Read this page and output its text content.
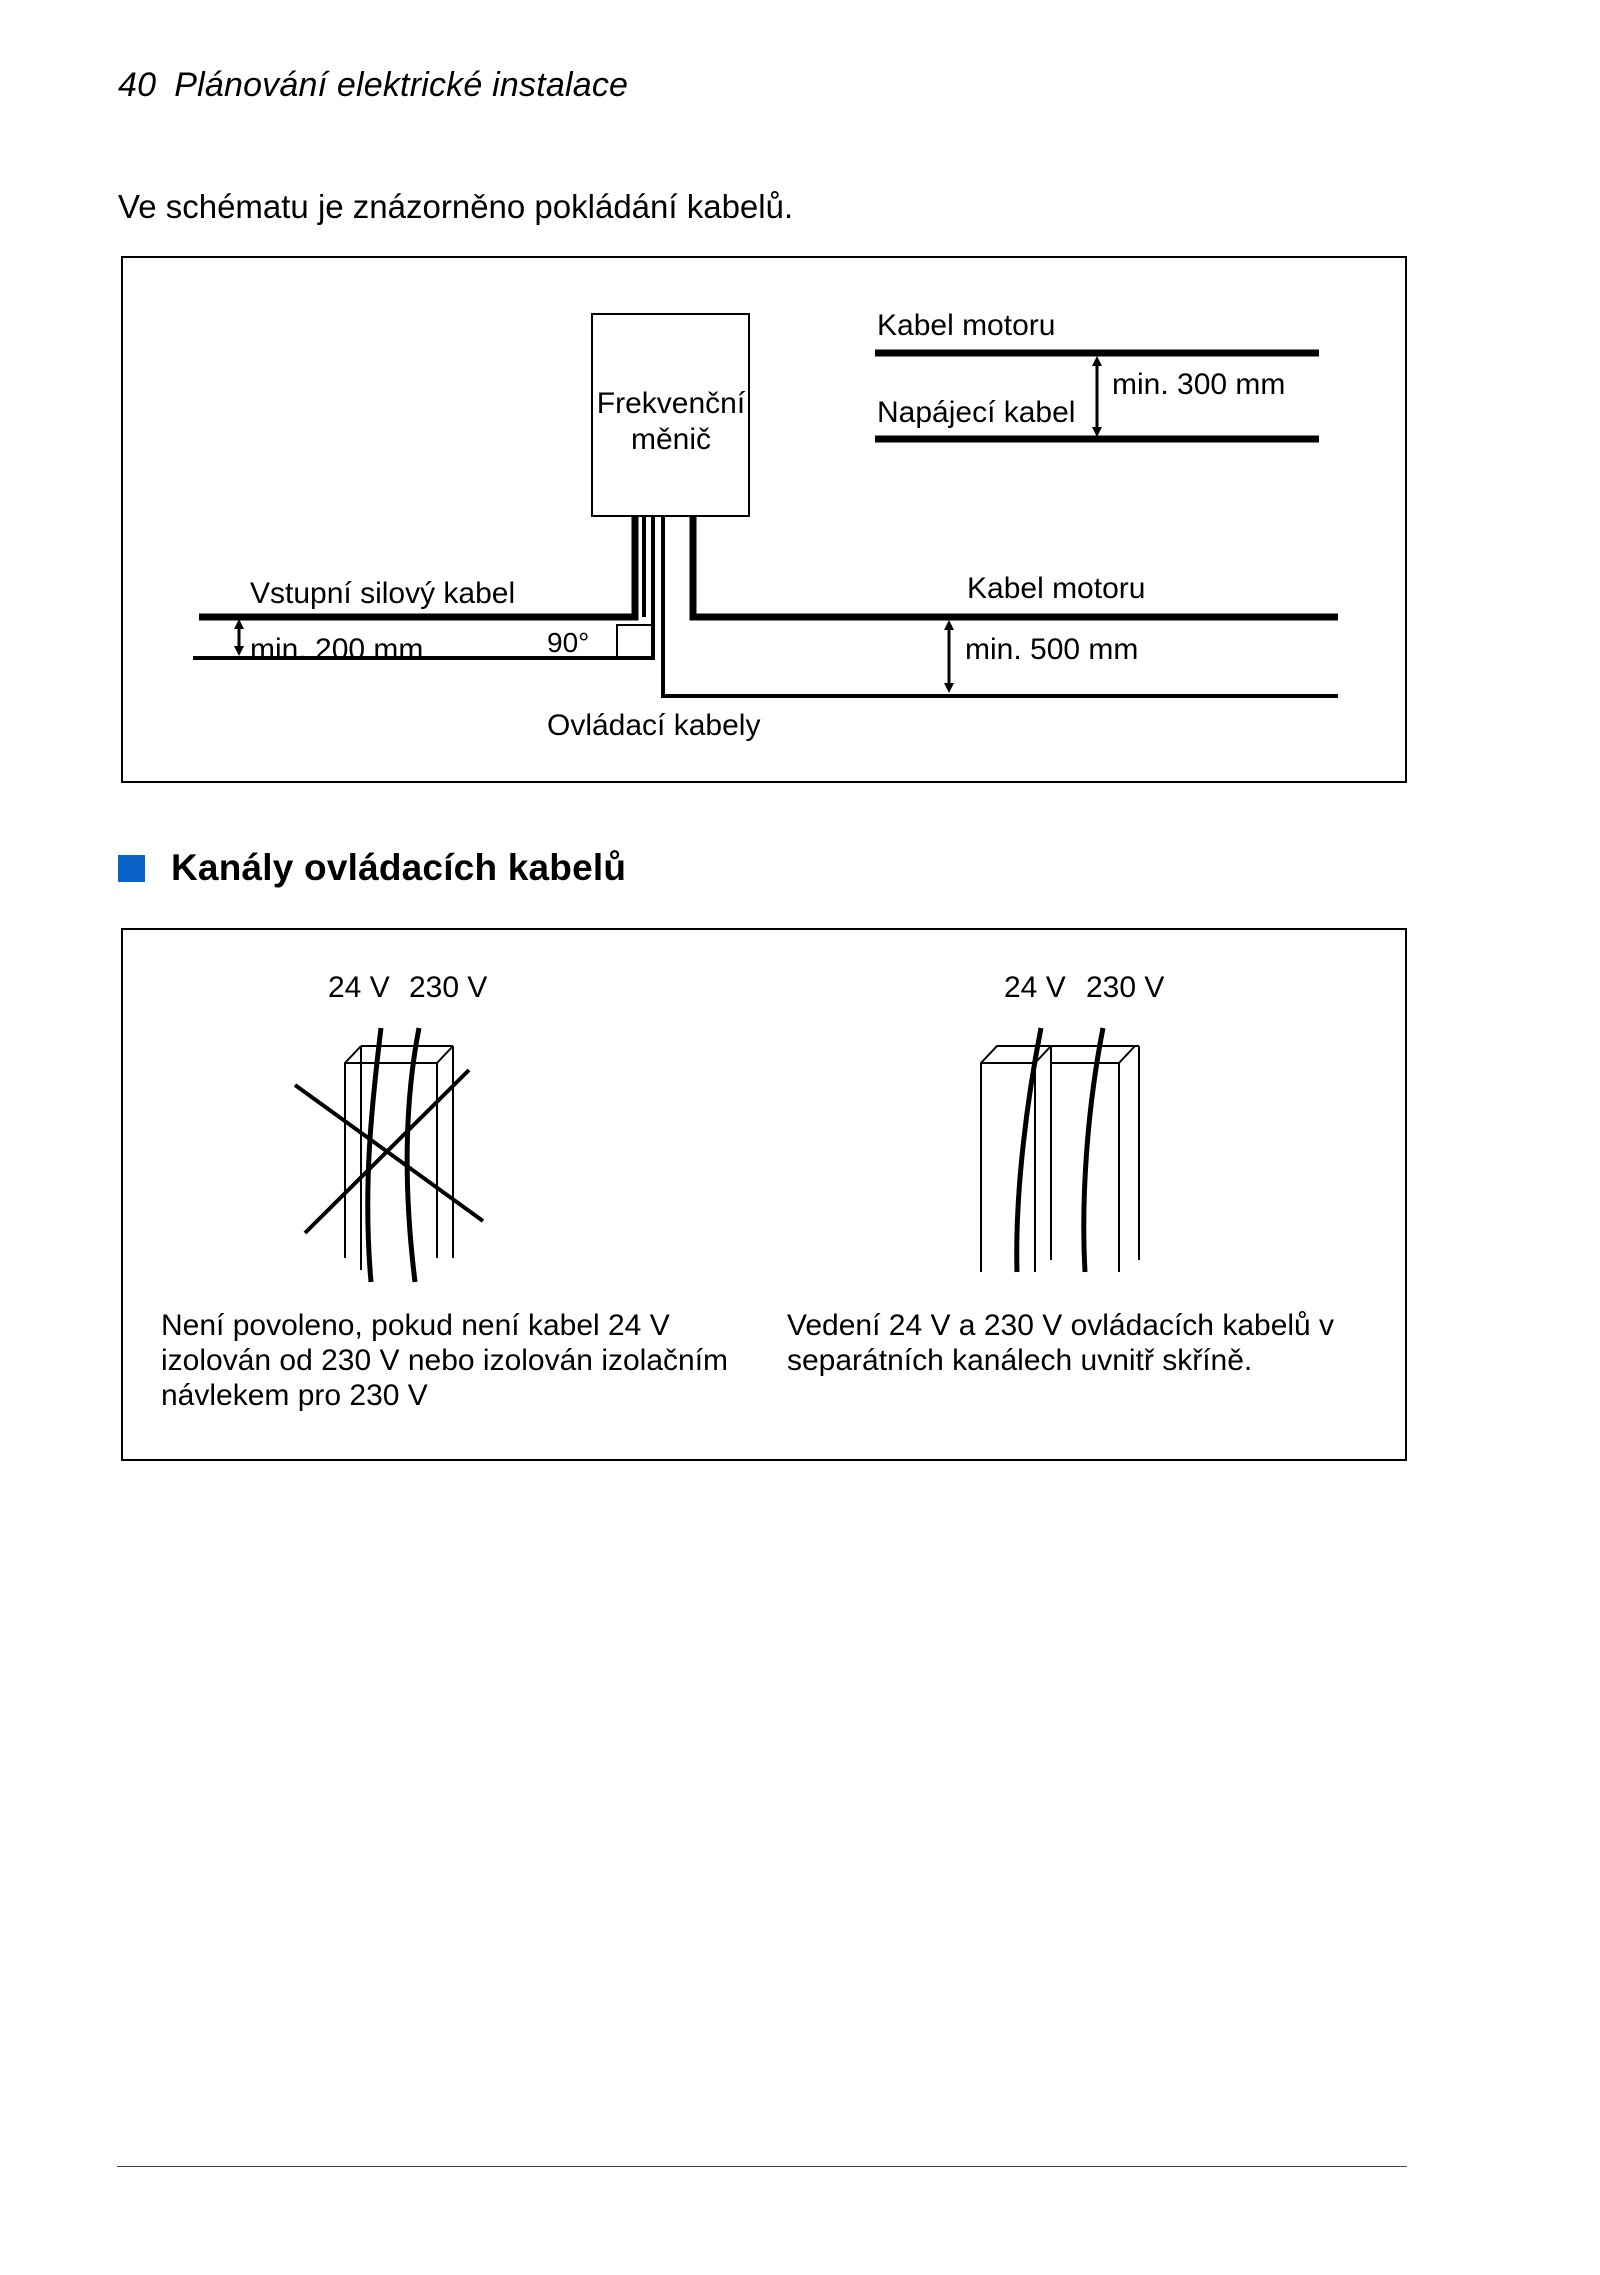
40 Plánování elektrické instalace
Ve schématu je znázorněno pokládání kabelů.
Frekvenční
měnič
Kabel motoru
Napájecí kabel
min. 300 mm
90°
Vstupní silový kabel
min. 200 mm
Kabel motoru
min. 500 mm
Ovládací kabely
Kanály ovládacích kabelů
24 V 230 V
Není povoleno, pokud není kabel 24 V izolován od 230 V nebo izolován izolačním návlekem pro 230 V
24 V 230 V
Vedení 24 V a 230 V ovládacích kabelů v separátních kanálech uvnitř skříně.
